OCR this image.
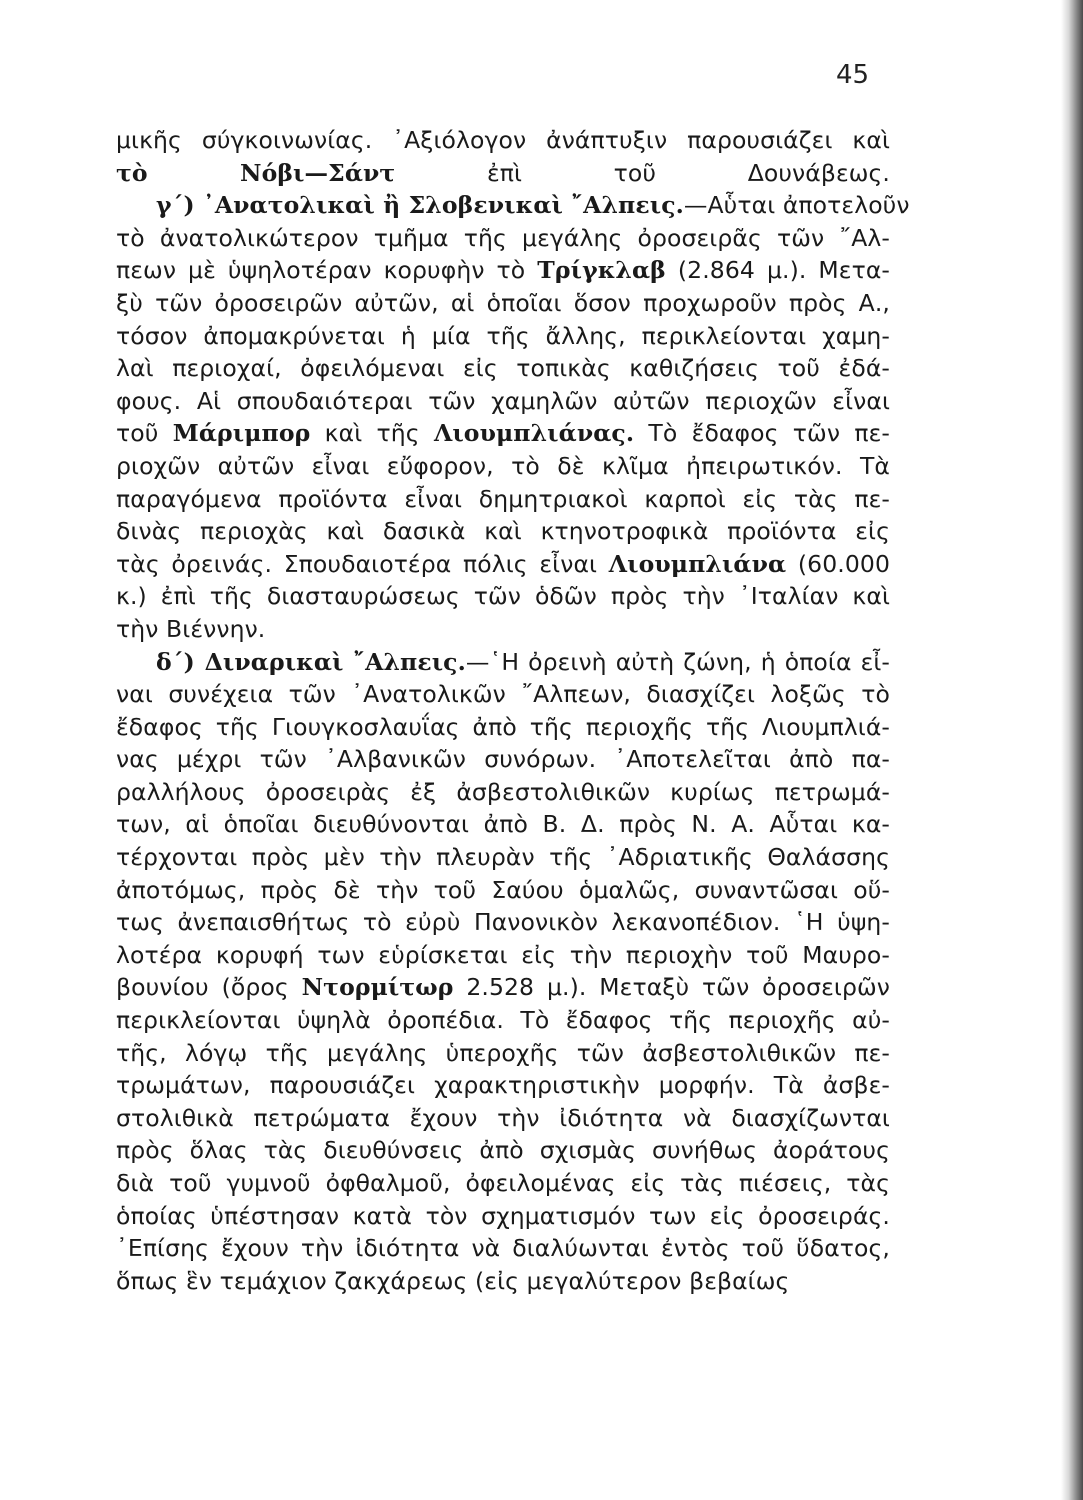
45
μικῆς σύγκοινωνίας. ᾿Αξιόλογον ἀνάπτυξιν παρουσιάζει καὶ
τὸ Νόβι—Σάντ ἐπὶ τοῦ Δουνάβεως.
γ΄) ᾿Ανατολικαὶ ἢ Σλοβενικαὶ ῎Αλπεις.—Αὗται ἀποτελοῦν
τὸ ἀνατολικώτερον τμῆμα τῆς μεγάλης ὀροσειρᾶς τῶν ῎Αλ-
πεων μὲ ὑψηλοτέραν κορυφὴν τὸ Τρίγκλαβ (2.864 μ.). Μετα-
ξὺ τῶν ὀροσειρῶν αὐτῶν, αἱ ὁποῖαι ὅσον προχωροῦν πρὸς Α.,
τόσον ἀπομακρύνεται ἡ μία τῆς ἄλλης, περικλείονται χαμη-
λαὶ περιοχαί, ὀφειλόμεναι εἰς τοπικὰς καθιζήσεις τοῦ ἐδά-
φους. Αἱ σπουδαιότεραι τῶν χαμηλῶν αὐτῶν περιοχῶν εἶναι
τοῦ Μάριμπορ καὶ τῆς Λιουμπλιάνας. Τὸ ἔδαφος τῶν πε-
ριοχῶν αὐτῶν εἶναι εὔφορον, τὸ δὲ κλῖμα ἠπειρωτικόν. Τὰ
παραγόμενα προϊόντα εἶναι δημητριακοὶ καρποὶ εἰς τὰς πε-
δινὰς περιοχὰς καὶ δασικὰ καὶ κτηνοτροφικὰ προϊόντα εἰς
τὰς ὀρεινάς. Σπουδαιοτέρα πόλις εἶναι Λιουμπλιάνα (60.000
κ.) ἐπὶ τῆς διασταυρώσεως τῶν ὁδῶν πρὸς τὴν ᾿Ιταλίαν καὶ
τὴν Βιέννην.
δ΄) Διναρικαὶ ῎Αλπεις.—῾Η ὀρεινὴ αὐτὴ ζώνη, ἡ ὁποία εἶ-
ναι συνέχεια τῶν ᾿Ανατολικῶν ῎Αλπεων, διασχίζει λοξῶς τὸ
ἔδαφος τῆς Γιουγκοσλαυΐας ἀπὸ τῆς περιοχῆς τῆς Λιουμπλιά-
νας μέχρι τῶν ᾿Αλβανικῶν συνόρων. ᾿Αποτελεῖται ἀπὸ πα-
ραλλήλους ὀροσειρὰς ἐξ ἀσβεστολιθικῶν κυρίως πετρωμά-
των, αἱ ὁποῖαι διευθύνονται ἀπὸ Β. Δ. πρὸς Ν. Α. Αὗται κα-
τέρχονται πρὸς μὲν τὴν πλευρὰν τῆς ᾿Αδριατικῆς Θαλάσσης
ἀποτόμως, πρὸς δὲ τὴν τοῦ Σαύου ὁμαλῶς, συναντῶσαι οὕ-
τως ἀνεπαισθήτως τὸ εὐρὺ Πανονικὸν λεκανοπέδιον. ῾Η ὑψη-
λοτέρα κορυφή των εὑρίσκεται εἰς τὴν περιοχὴν τοῦ Μαυρο-
βουνίου (ὄρος Ντορμίτωρ 2.528 μ.). Μεταξὺ τῶν ὀροσειρῶν
περικλείονται ὑψηλὰ ὀροπέδια. Τὸ ἔδαφος τῆς περιοχῆς αὐ-
τῆς, λόγῳ τῆς μεγάλης ὑπεροχῆς τῶν ἀσβεστολιθικῶν πε-
τρωμάτων, παρουσιάζει χαρακτηριστικὴν μορφήν. Τὰ ἀσβε-
στολιθικὰ πετρώματα ἔχουν τὴν ἰδιότητα νὰ διασχίζωνται
πρὸς ὅλας τὰς διευθύνσεις ἀπὸ σχισμὰς συνήθως ἀοράτους
διὰ τοῦ γυμνοῦ ὀφθαλμοῦ, ὀφειλομένας εἰς τὰς πιέσεις, τὰς
ὁποίας ὑπέστησαν κατὰ τὸν σχηματισμόν των εἰς ὀροσειράς.
᾿Επίσης ἔχουν τὴν ἰδιότητα νὰ διαλύωνται ἐντὸς τοῦ ὕδατος,
ὅπως ἓν τεμάχιον ζακχάρεως (εἰς μεγαλύτερον βεβαίως
